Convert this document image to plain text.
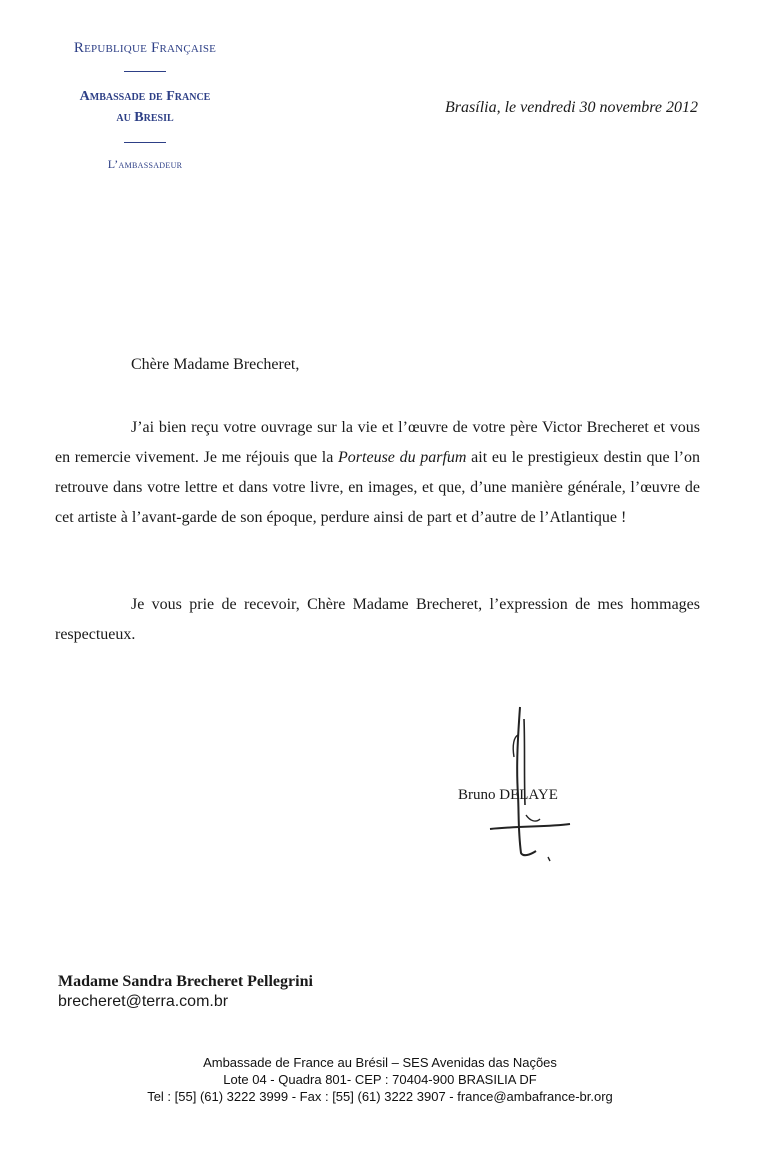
Republique Française
Ambassade de France
au Bresil
L’ambassadeur
Brasília, le vendredi 30 novembre 2012
Chère Madame Brecheret,
J’ai bien reçu votre ouvrage sur la vie et l’œuvre de votre père Victor Brecheret et vous en remercie vivement. Je me réjouis que la Porteuse du parfum ait eu le prestigieux destin que l’on retrouve dans votre lettre et dans votre livre, en images, et que, d’une manière générale, l’œuvre de cet artiste à l’avant-garde de son époque, perdure ainsi de part et d’autre de l’Atlantique !
Je vous prie de recevoir, Chère Madame Brecheret, l’expression de mes hommages respectueux.
Bruno DELAYE
Madame Sandra Brecheret Pellegrini
brecheret@terra.com.br
Ambassade de France au Brésil – SES Avenidas das Nações
Lote 04 - Quadra 801- CEP : 70404-900 BRASILIA DF
Tel : [55] (61) 3222 3999 - Fax : [55] (61) 3222 3907 - france@ambafrance-br.org
